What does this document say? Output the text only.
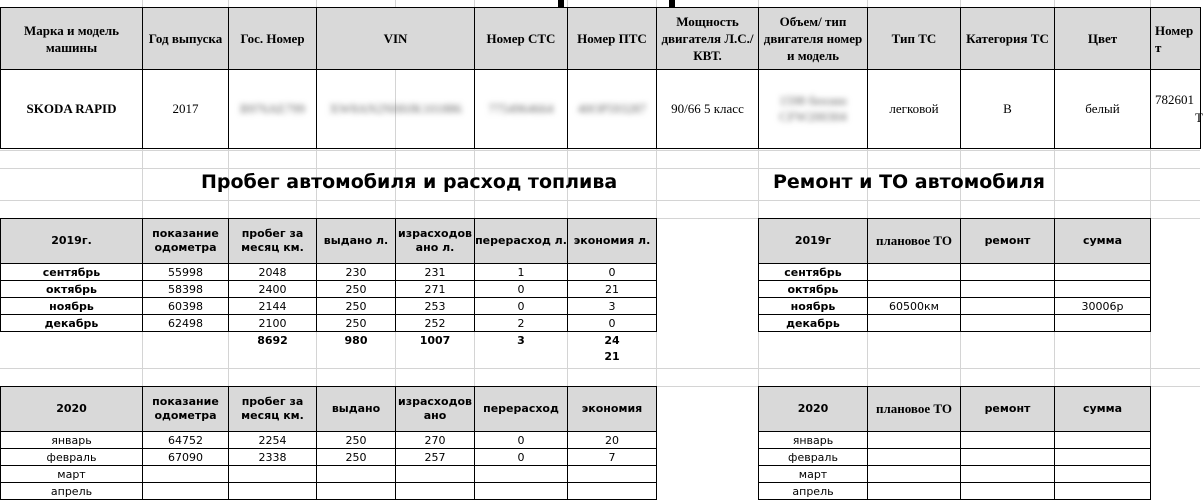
Марка и модель машины	Год выпуска	Гос. Номер	VIN	Номер СТС	Номер ПТС	Мощность двигателя Л.С./КВТ.	Объем/ тип двигателя номер и модель	Тип ТС	Категория ТС	Цвет	Номер т
SKODA RAPID	2017	В976АЕ799	XW8AN2NH0JK101886	7754964664	40ОР593287	90/66 5 класс	1598 бензин CFW200304	легковой	B	белый	782601
T
Пробег автомобиля и расход топлива	Ремонт и ТО автомобиля
2019г.	показание одометра	пробег за месяц км.	выдано л.	израсходов ано л.	перерасход л.	экономия л.
сентябрь	55998	2048	230	231	1	0
октябрь	58398	2400	250	271	0	21
ноябрь	60398	2144	250	253	0	3
декабрь	62498	2100	250	252	2	0
		8692	980	1007	3	24
						21
2019г	плановое ТО	ремонт	сумма
сентябрь			
октябрь			
ноябрь	60500км		30006р
декабрь			
2020	показание одометра	пробег за месяц км.	выдано	израсходов ано	перерасход	экономия
январь	64752	2254	250	270	0	20
февраль	67090	2338	250	257	0	7
март						
апрель						
2020	плановое ТО	ремонт	сумма
январь			
февраль			
март			
апрель			
